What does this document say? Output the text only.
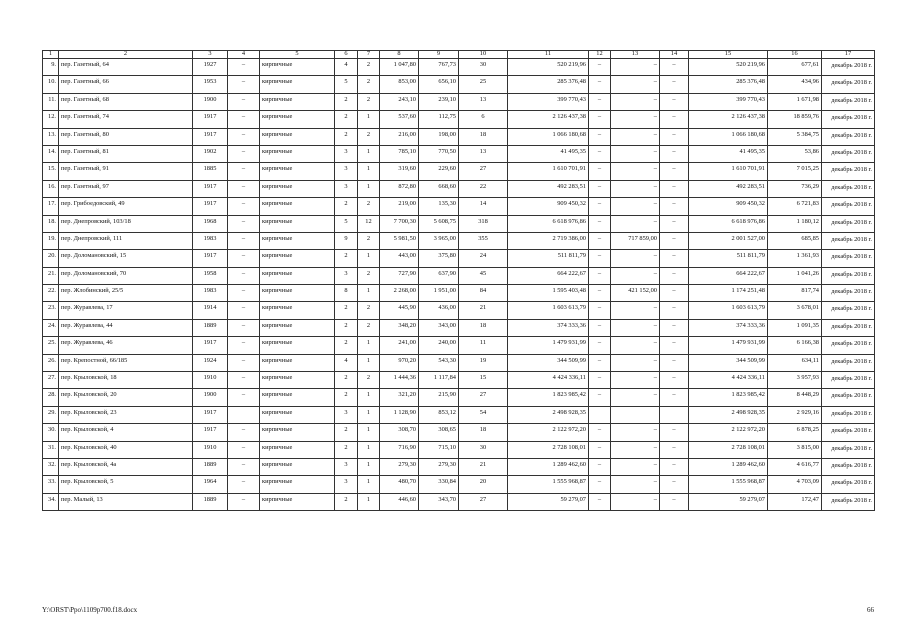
1	2	3	4	5	6	7	8	9	10	11	12	13	14	15	16	17
9.	пер. Газетный, 64	1927	–	кирпичные	4	2	1 047,80	767,73	30	520 219,96	–	–	–	520 219,96	677,61	декабрь 2018 г.
10.	пер. Газетный, 66	1953	–	кирпичные	5	2	853,00	656,10	25	285 376,48	–	–	–	285 376,48	434,96	декабрь 2018 г.
11.	пер. Газетный, 68	1900	–	кирпичные	2	2	243,10	239,10	13	399 770,43	–	–	–	399 770,43	1 671,98	декабрь 2018 г.
12.	пер. Газетный, 74	1917	–	кирпичные	2	1	537,60	112,75	6	2 126 437,38	–	–	–	2 126 437,38	18 859,76	декабрь 2018 г.
13.	пер. Газетный, 80	1917	–	кирпичные	2	2	216,00	198,00	18	1 066 180,68	–	–	–	1 066 180,68	5 384,75	декабрь 2018 г.
14.	пер. Газетный, 81	1902	–	кирпичные	3	1	785,10	770,50	13	41 495,35	–	–	–	41 495,35	53,86	декабрь 2018 г.
15.	пер. Газетный, 91	1885	–	кирпичные	3	1	319,60	229,60	27	1 610 701,91	–	–	–	1 610 701,91	7 015,25	декабрь 2018 г.
16.	пер. Газетный, 97	1917	–	кирпичные	3	1	872,80	668,60	22	492 283,51	–	–	–	492 283,51	736,29	декабрь 2018 г.
17.	пер. Грибоедовский, 49	1917	–	кирпичные	2	2	219,00	135,30	14	909 450,32	–	–	–	909 450,32	6 721,83	декабрь 2018 г.
18.	пер. Днепровский, 103/18	1968	–	кирпичные	5	12	7 700,30	5 608,75	318	6 618 976,86	–	–	–	6 618 976,86	1 180,12	декабрь 2018 г.
19.	пер. Днепровский, 111	1983	–	кирпичные	9	2	5 981,50	3 965,00	355	2 719 386,00	–	717 859,00	–	2 001 527,00	685,85	декабрь 2018 г.
20.	пер. Доломановский, 15	1917	–	кирпичные	2	1	443,00	375,80	24	511 811,79	–	–	–	511 811,79	1 361,93	декабрь 2018 г.
21.	пер. Доломановский, 70	1958	–	кирпичные	3	2	727,90	637,90	45	664 222,67	–	–	–	664 222,67	1 041,26	декабрь 2018 г.
22.	пер. Жлобинский, 25/5	1983	–	кирпичные	8	1	2 268,00	1 951,00	84	1 595 403,48	–	421 152,00	–	1 174 251,48	817,74	декабрь 2018 г.
23.	пер. Журавлева, 17	1914	–	кирпичные	2	2	445,90	436,00	21	1 603 613,79	–	–	–	1 603 613,79	3 678,01	декабрь 2018 г.
24.	пер. Журавлева, 44	1889	–	кирпичные	2	2	348,20	343,00	18	374 333,36	–	–	–	374 333,36	1 091,35	декабрь 2018 г.
25.	пер. Журавлева, 46	1917	–	кирпичные	2	1	241,00	240,00	11	1 479 931,99	–	–	–	1 479 931,99	6 166,38	декабрь 2018 г.
26.	пер. Крепостной, 66/185	1924	–	кирпичные	4	1	970,20	543,30	19	344 509,99	–	–	–	344 509,99	634,11	декабрь 2018 г.
27.	пер. Крыловской, 18	1910	–	кирпичные	2	2	1 444,36	1 117,84	15	4 424 336,11	–	–	–	4 424 336,11	3 957,93	декабрь 2018 г.
28.	пер. Крыловской, 20	1900	–	кирпичные	2	1	321,20	215,90	27	1 823 985,42	–	–	–	1 823 985,42	8 448,29	декабрь 2018 г.
29.	пер. Крыловской, 23	1917		кирпичные	3	1	1 128,90	853,12	54	2 498 928,35				2 498 928,35	2 929,16	декабрь 2018 г.
30.	пер. Крыловской, 4	1917	–	кирпичные	2	1	308,70	308,65	18	2 122 972,20	–	–	–	2 122 972,20	6 878,25	декабрь 2018 г.
31.	пер. Крыловской, 40	1910	–	кирпичные	2	1	716,90	715,10	30	2 728 108,01	–	–	–	2 728 108,01	3 815,00	декабрь 2018 г.
32.	пер. Крыловской, 4а	1889	–	кирпичные	3	1	279,30	279,30	21	1 289 462,60	–	–	–	1 289 462,60	4 616,77	декабрь 2018 г.
33.	пер. Крыловской, 5	1964	–	кирпичные	3	1	480,70	330,84	20	1 555 968,87	–	–	–	1 555 968,87	4 703,09	декабрь 2018 г.
34.	пер. Малый, 13	1889	–	кирпичные	2	1	446,60	343,70	27	59 279,07	–	–	–	59 279,07	172,47	декабрь 2018 г.
Y:\ORST\Ppo\1109p700.f18.docx	66
